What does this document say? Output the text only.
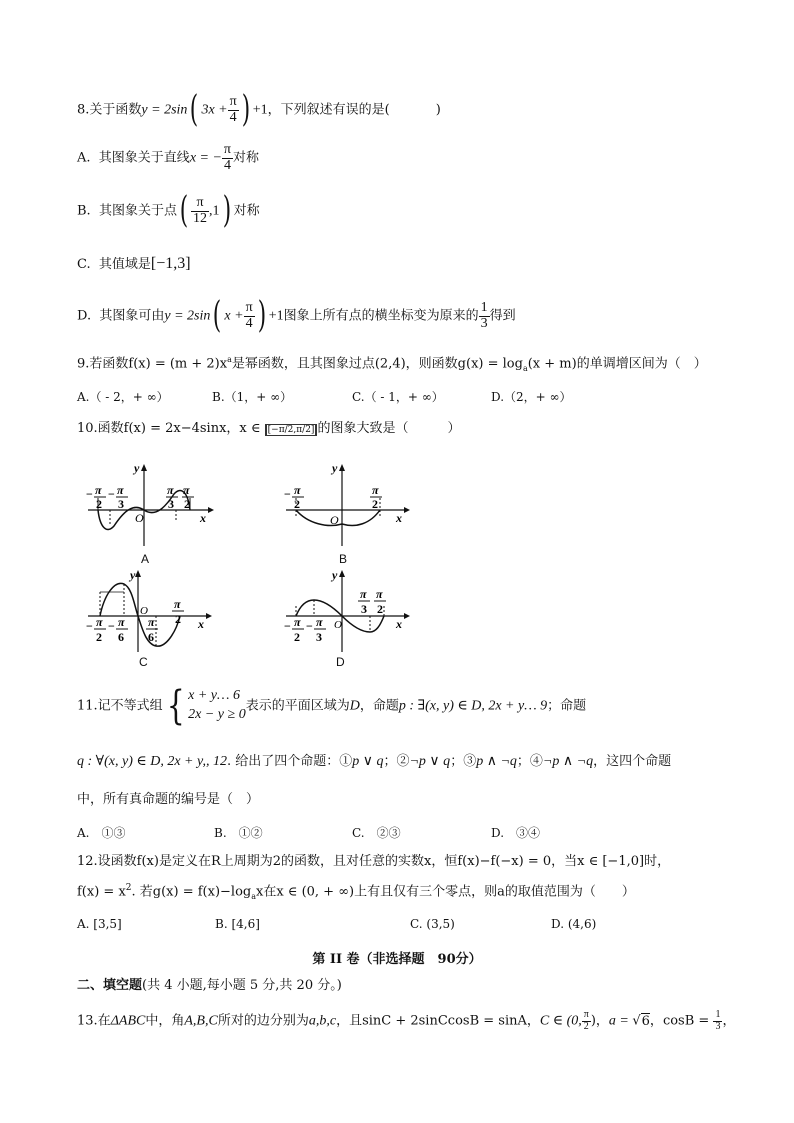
8.关于函数y = 2sin( $3x + \frac{\pi}{4}$ ) +1，下列叙述有误的是(	)
A. 其图象关于直线x = − $\frac{\pi}{4}$ 对称
B. 其图象关于点( $\frac{\pi}{12} ,1$) 对称
C. 其值域是[−1,3]
D. 其图象可由y = 2sin( $x + \frac{\pi}{4}$ ) +1图象上所有点的横坐标变为原来的 $\frac{1}{3}$ 得到
9.若函数$f(x) = (m + 2)x^a$是幂函数，且其图象过点(2,4)，则函数$g(x) = \log_a(x + m)$的单调增区间为（　）
A.（ - 2，+ ∞）	B.（1，+ ∞）	C.（ - 1，+ ∞）	D.（2，+ ∞）
10.函数f(x) = 2x−4sinx，x ∈ [−π/2,π/2] 的图象大致是（　　　）
y
x
O
− π
2
− π
3
π
3
π
2
A
y
x
O
− π
2
π
2
B
y
x
O
π
6
π
2
− π
2
− π
6
C
y
x
O
− π
2
− π
3
π
3
π
2
D
11.记不等式组{ x + y… 6
2x − y ≥ 0
表示的平面区域为D，命题p : ∃(x, y) ∈ D, 2x + y… 9；命题
q : ∀(x, y) ∈ D, 2x + y,, 12. 给出了四个命题：①p ∨ q；②¬p ∨ q；③p ∧ ¬q；④¬p ∧ ¬q，这四个命题
中，所有真命题的编号是（　）
A.　①③	B.　①②	C.　②③	D.　③④
12.设函数f(x)是定义在R上周期为2的函数，且对任意的实数x，恒f(x)−f(−x) = 0，当x ∈ [−1,0]时，
$f(x) = x^2$. 若$g(x) = f(x)-\log_ax$在x ∈ (0, + ∞)上有且仅有三个零点，则a的取值范围为（　　）
A. [3,5]	B. [4,6]	C. (3,5)	D. (4,6)
第 II 卷（非选择题　90分）
二、填空题(共 4 小题,每小题 5 分,共 20 分。)
13.在ΔABC中，角A,B,C所对的边分别为a,b,c，且sinC + 2sinCcosB = sinA，C ∈ (0, $\frac{\pi}{2}$ )，a = √6，$\cos B = \frac{1}{3}$ ，
